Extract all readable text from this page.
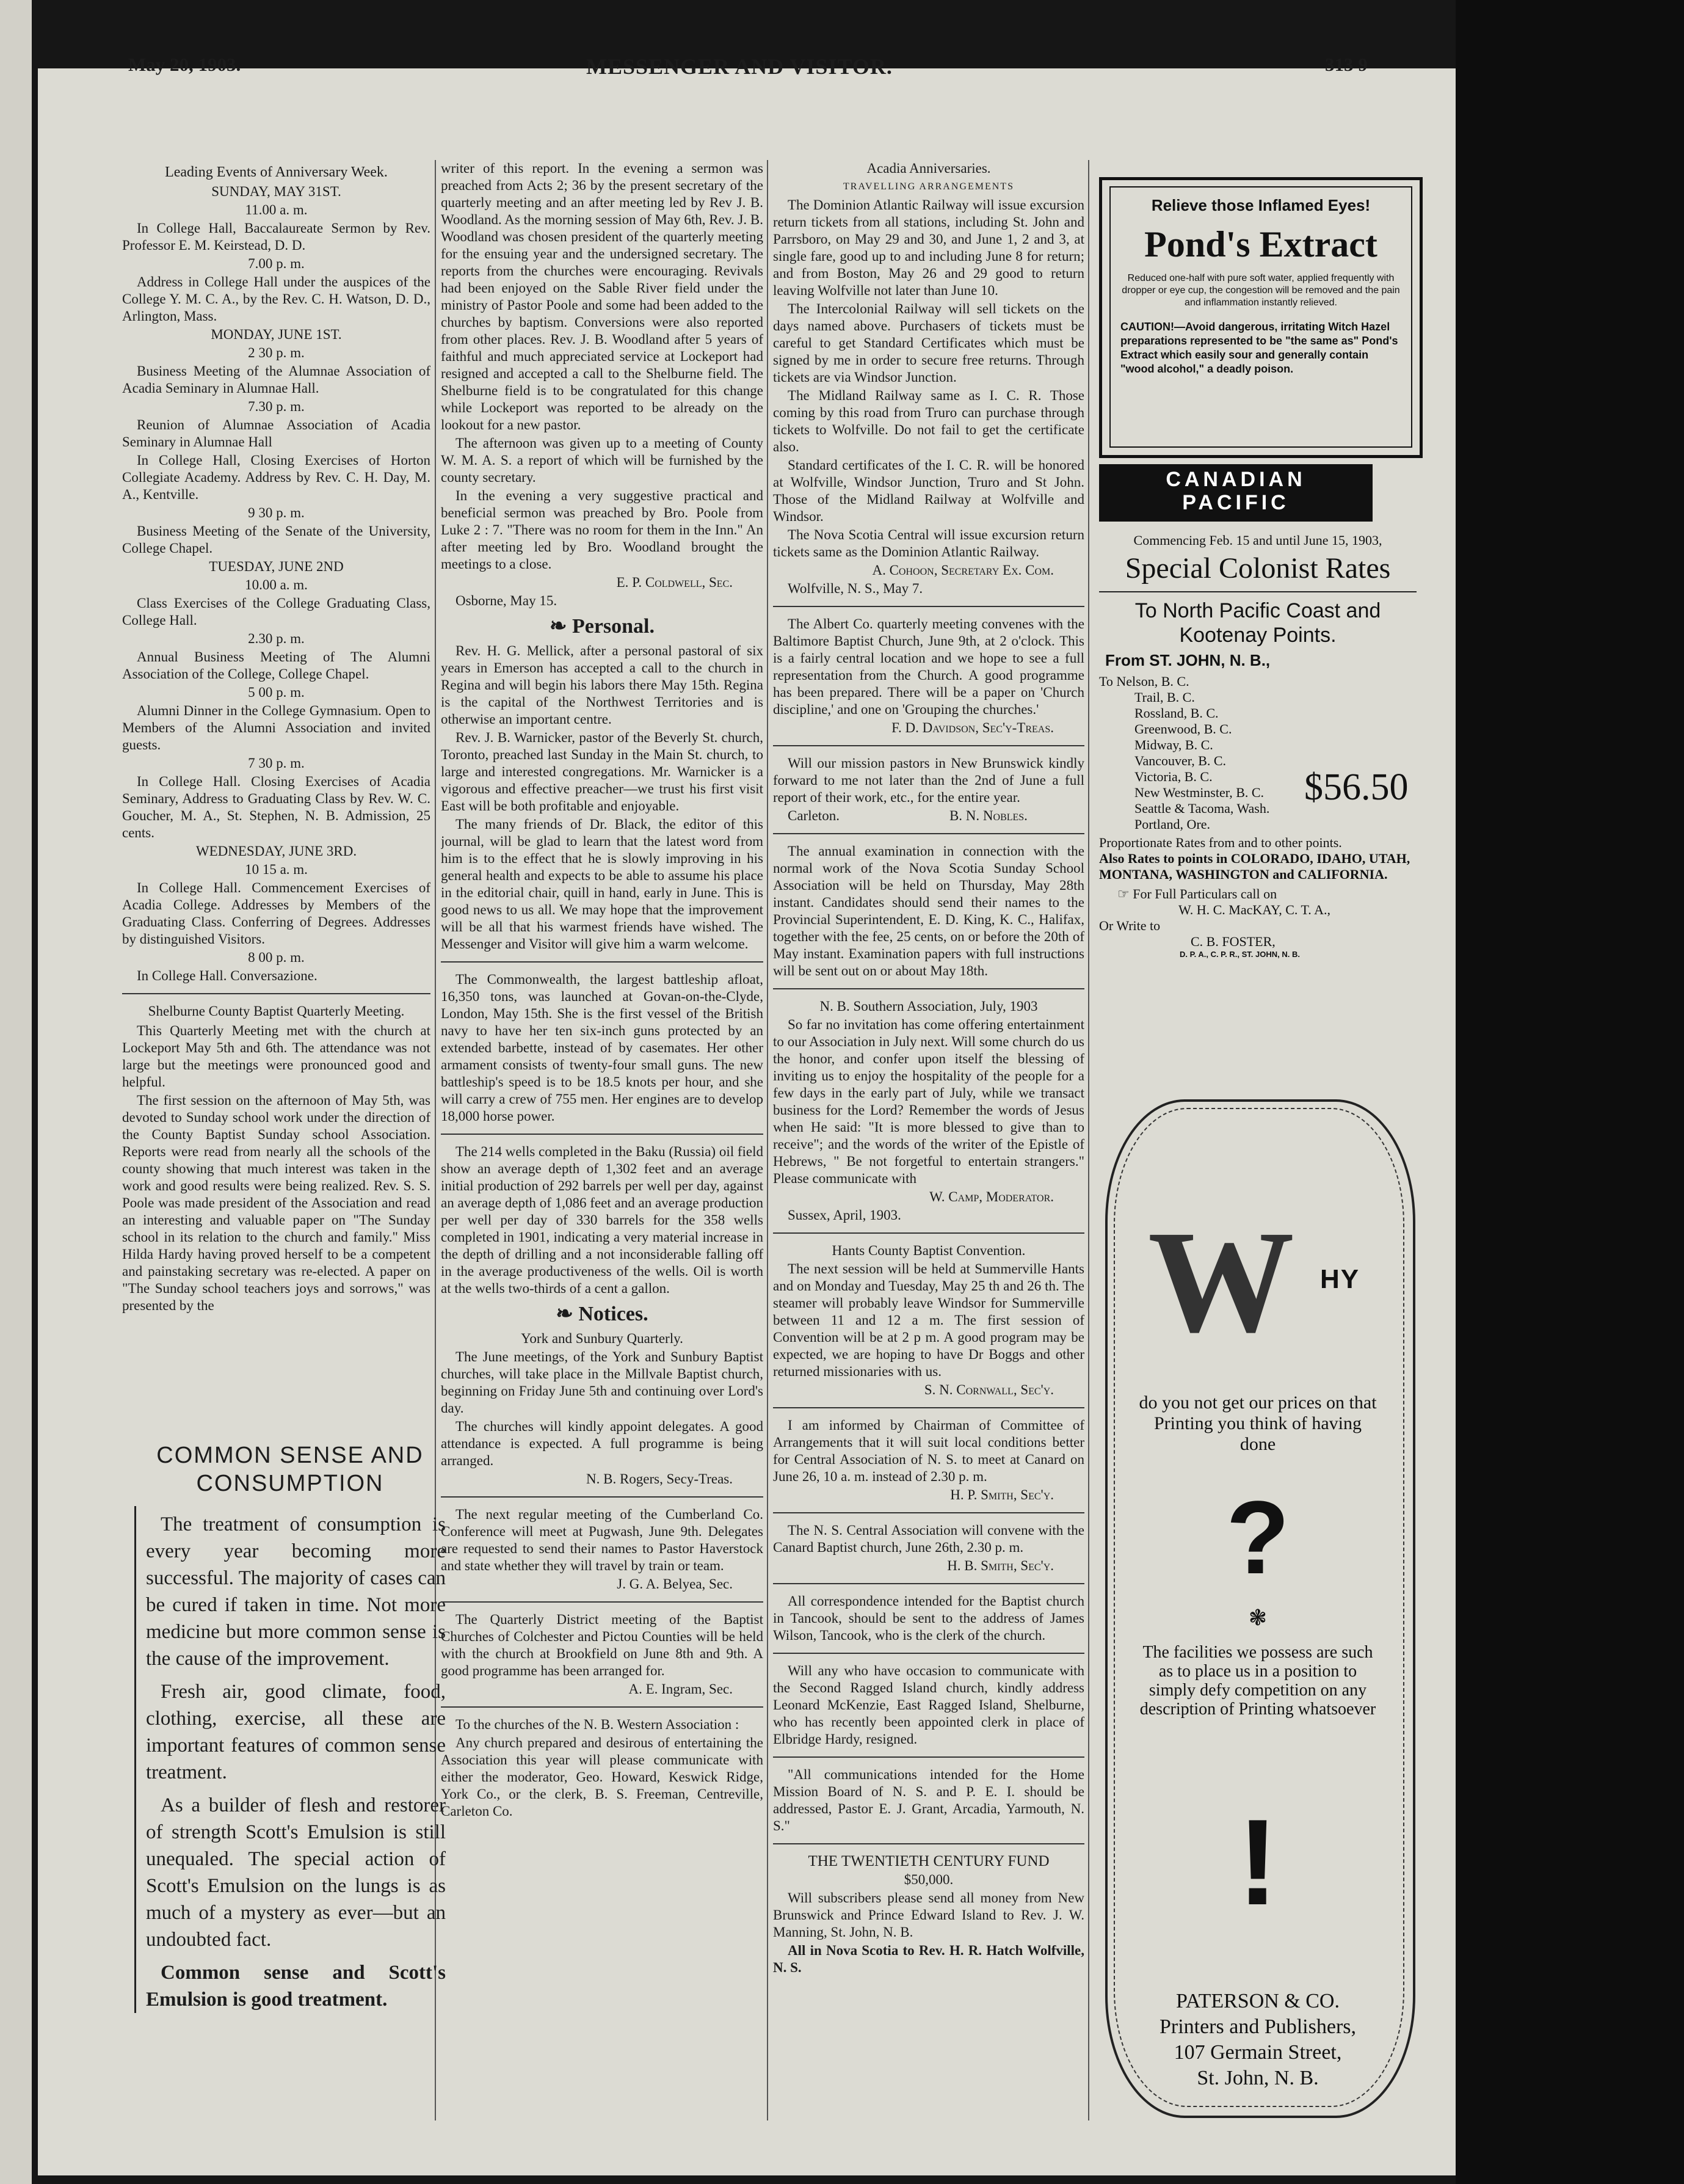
May 20, 1903.	MESSENGER AND VISITOR.	313 9

Leading Events of Anniversary Week.

SUNDAY, MAY 31ST.

11.00 a. m.

In College Hall, Baccalaureate Sermon by Rev. Professor E. M. Keirstead, D. D.

7.00 p. m.

Address in College Hall under the auspices of the College Y. M. C. A., by the Rev. C. H. Watson, D. D., Arlington, Mass.

MONDAY, JUNE 1ST.

2 30 p. m.

Business Meeting of the Alumnae Association of Acadia Seminary in Alumnae Hall.

7.30 p. m.

Reunion of Alumnae Association of Acadia Seminary in Alumnae Hall

In College Hall, Closing Exercises of Horton Collegiate Academy. Address by Rev. C. H. Day, M. A., Kentville.

9 30 p. m.

Business Meeting of the Senate of the University, College Chapel.

TUESDAY, JUNE 2ND

10.00 a. m.

Class Exercises of the College Graduating Class, College Hall.

2.30 p. m.

Annual Business Meeting of The Alumni Association of the College, College Chapel.

5 00 p. m.

Alumni Dinner in the College Gymnasium. Open to Members of the Alumni Association and invited guests.

7 30 p. m.

In College Hall. Closing Exercises of Acadia Seminary, Address to Graduating Class by Rev. W. C. Goucher, M. A., St. Stephen, N. B. Admission, 25 cents.

WEDNESDAY, JUNE 3RD.

10 15 a. m.

In College Hall. Commencement Exercises of Acadia College. Addresses by Members of the Graduating Class. Conferring of Degrees. Addresses by distinguished Visitors.

8 00 p. m.

In College Hall. Conversazione.

Shelburne County Baptist Quarterly Meeting.

This Quarterly Meeting met with the church at Lockeport May 5th and 6th. The attendance was not large but the meetings were pronounced good and helpful.

The first session on the afternoon of May 5th, was devoted to Sunday school work under the direction of the County Baptist Sunday school Association. Reports were read from nearly all the schools of the county showing that much interest was taken in the work and good results were being realized. Rev. S. S. Poole was made president of the Association and read an interesting and valuable paper on "The Sunday school in its relation to the church and family." Miss Hilda Hardy having proved herself to be a competent and painstaking secretary was re-elected. A paper on "The Sunday school teachers joys and sorrows," was presented by the

COMMON SENSE AND CONSUMPTION

The treatment of consumption is every year becoming more successful. The majority of cases can be cured if taken in time. Not more medicine but more common sense is the cause of the improvement.

Fresh air, good climate, food, clothing, exercise, all these are important features of common sense treatment.

As a builder of flesh and restorer of strength Scott's Emulsion is still unequaled. The special action of Scott's Emulsion on the lungs is as much of a mystery as ever—but an undoubted fact.

Common sense and Scott's Emulsion is good treatment.

writer of this report. In the evening a sermon was preached from Acts 2; 36 by the present secretary of the quarterly meeting and an after meeting led by Rev J. B. Woodland. As the morning session of May 6th, Rev. J. B. Woodland was chosen president of the quarterly meeting for the ensuing year and the undersigned secretary. The reports from the churches were encouraging. Revivals had been enjoyed on the Sable River field under the ministry of Pastor Poole and some had been added to the churches by baptism. Conversions were also reported from other places. Rev. J. B. Woodland after 5 years of faithful and much appreciated service at Lockeport had resigned and accepted a call to the Shelburne field. The Shelburne field is to be congratulated for this change while Lockeport was reported to be already on the lookout for a new pastor.

The afternoon was given up to a meeting of County W. M. A. S. a report of which will be furnished by the county secretary.

In the evening a very suggestive practical and beneficial sermon was preached by Bro. Poole from Luke 2 : 7. "There was no room for them in the Inn." An after meeting led by Bro. Woodland brought the meetings to a close.

E. P. Coldwell, Sec.

Osborne, May 15.

❧ Personal.

Rev. H. G. Mellick, after a personal pastoral of six years in Emerson has accepted a call to the church in Regina and will begin his labors there May 15th. Regina is the capital of the Northwest Territories and is otherwise an important centre.

Rev. J. B. Warnicker, pastor of the Beverly St. church, Toronto, preached last Sunday in the Main St. church, to large and interested congregations. Mr. Warnicker is a vigorous and effective preacher—we trust his first visit East will be both profitable and enjoyable.

The many friends of Dr. Black, the editor of this journal, will be glad to learn that the latest word from him is to the effect that he is slowly improving in his general health and expects to be able to assume his place in the editorial chair, quill in hand, early in June. This is good news to us all. We may hope that the improvement will be all that his warmest friends have wished. The Messenger and Visitor will give him a warm welcome.

The Commonwealth, the largest battleship afloat, 16,350 tons, was launched at Govan-on-the-Clyde, London, May 15th. She is the first vessel of the British navy to have her ten six-inch guns protected by an extended barbette, instead of by casemates. Her other armament consists of twenty-four small guns. The new battleship's speed is to be 18.5 knots per hour, and she will carry a crew of 755 men. Her engines are to develop 18,000 horse power.

The 214 wells completed in the Baku (Russia) oil field show an average depth of 1,302 feet and an average initial production of 292 barrels per well per day, against an average depth of 1,086 feet and an average production per well per day of 330 barrels for the 358 wells completed in 1901, indicating a very material increase in the depth of drilling and a not inconsiderable falling off in the average productiveness of the wells. Oil is worth at the wells two-thirds of a cent a gallon.

❧ Notices.

York and Sunbury Quarterly.

The June meetings, of the York and Sunbury Baptist churches, will take place in the Millvale Baptist church, beginning on Friday June 5th and continuing over Lord's day.

The churches will kindly appoint delegates. A good attendance is expected. A full programme is being arranged.

N. B. Rogers, Secy-Treas.

The next regular meeting of the Cumberland Co. Conference will meet at Pugwash, June 9th. Delegates are requested to send their names to Pastor Haverstock and state whether they will travel by train or team.

J. G. A. Belyea, Sec.

The Quarterly District meeting of the Baptist Churches of Colchester and Pictou Counties will be held with the church at Brookfield on June 8th and 9th. A good programme has been arranged for.

A. E. Ingram, Sec.

To the churches of the N. B. Western Association :

Any church prepared and desirous of entertaining the Association this year will please communicate with either the moderator, Geo. Howard, Keswick Ridge, York Co., or the clerk, B. S. Freeman, Centreville, Carleton Co.

Acadia Anniversaries.

TRAVELLING ARRANGEMENTS

The Dominion Atlantic Railway will issue excursion return tickets from all stations, including St. John and Parrsboro, on May 29 and 30, and June 1, 2 and 3, at single fare, good up to and including June 8 for return; and from Boston, May 26 and 29 good to return leaving Wolfville not later than June 10.

The Intercolonial Railway will sell tickets on the days named above. Purchasers of tickets must be careful to get Standard Certificates which must be signed by me in order to secure free returns. Through tickets are via Windsor Junction.

The Midland Railway same as I. C. R. Those coming by this road from Truro can purchase through tickets to Wolfville. Do not fail to get the certificate also.

Standard certificates of the I. C. R. will be honored at Wolfville, Windsor Junction, Truro and St John. Those of the Midland Railway at Wolfville and Windsor.

The Nova Scotia Central will issue excursion return tickets same as the Dominion Atlantic Railway.

A. Cohoon, Secretary Ex. Com.

Wolfville, N. S., May 7.

The Albert Co. quarterly meeting convenes with the Baltimore Baptist Church, June 9th, at 2 o'clock. This is a fairly central location and we hope to see a full representation from the Church. A good programme has been prepared. There will be a paper on 'Church discipline,' and one on 'Grouping the churches.'

F. D. Davidson, Sec'y-Treas.

Will our mission pastors in New Brunswick kindly forward to me not later than the 2nd of June a full report of their work, etc., for the entire year.

Carleton.	B. N. Nobles.

The annual examination in connection with the normal work of the Nova Scotia Sunday School Association will be held on Thursday, May 28th instant. Candidates should send their names to the Provincial Superintendent, E. D. King, K. C., Halifax, together with the fee, 25 cents, on or before the 20th of May instant. Examination papers with full instructions will be sent out on or about May 18th.

N. B. Southern Association, July, 1903

So far no invitation has come offering entertainment to our Association in July next. Will some church do us the honor, and confer upon itself the blessing of inviting us to enjoy the hospitality of the people for a few days in the early part of July, while we transact business for the Lord? Remember the words of Jesus when He said: "It is more blessed to give than to receive"; and the words of the writer of the Epistle of Hebrews, " Be not forgetful to entertain strangers." Please communicate with

W. Camp, Moderator.

Sussex, April, 1903.

Hants County Baptist Convention.

The next session will be held at Summerville Hants and on Monday and Tuesday, May 25 th and 26 th. The steamer will probably leave Windsor for Summerville between 11 and 12 a m. The first session of Convention will be at 2 p m. A good program may be expected, we are hoping to have Dr Boggs and other returned missionaries with us.

S. N. Cornwall, Sec'y.

I am informed by Chairman of Committee of Arrangements that it will suit local conditions better for Central Association of N. S. to meet at Canard on June 26, 10 a. m. instead of 2.30 p. m.

H. P. Smith, Sec'y.

The N. S. Central Association will convene with the Canard Baptist church, June 26th, 2.30 p. m.

H. B. Smith, Sec'y.

All correspondence intended for the Baptist church in Tancook, should be sent to the address of James Wilson, Tancook, who is the clerk of the church.

Will any who have occasion to communicate with the Second Ragged Island church, kindly address Leonard McKenzie, East Ragged Island, Shelburne, who has recently been appointed clerk in place of Elbridge Hardy, resigned.

"All communications intended for the Home Mission Board of N. S. and P. E. I. should be addressed, Pastor E. J. Grant, Arcadia, Yarmouth, N. S."

THE TWENTIETH CENTURY FUND

$50,000.

Will subscribers please send all money from New Brunswick and Prince Edward Island to Rev. J. W. Manning, St. John, N. B.

All in Nova Scotia to Rev. H. R. Hatch Wolfville, N. S.

Relieve those Inflamed Eyes!
Pond's Extract
Reduced one-half with pure soft water, applied frequently with dropper or eye cup, the congestion will be removed and the pain and inflammation instantly relieved.
CAUTION!—Avoid dangerous, irritating Witch Hazel preparations represented to be "the same as" Pond's Extract which easily sour and generally contain "wood alcohol," a deadly poison.
CANADIAN
PACIFIC
Commencing Feb. 15 and until June 15, 1903,
Special Colonist Rates
To North Pacific Coast and Kootenay Points.
From ST. JOHN, N. B.,
To Nelson, B. C.
Trail, B. C.
Rossland, B. C.
Greenwood, B. C.
Midway, B. C.
Vancouver, B. C.
Victoria, B. C.
New Westminster, B. C.
Seattle & Tacoma, Wash.
Portland, Ore.
$56.50
Proportionate Rates from and to other points.
Also Rates to points in COLORADO, IDAHO, UTAH, MONTANA, WASHINGTON and CALIFORNIA.
☞ For Full Particulars call on
W. H. C. MacKAY, C. T. A.,
Or Write to
C. B. FOSTER,
D. P. A., C. P. R., ST. JOHN, N. B.
W HY
do you not get our prices on that Printing you think of having done
?
❃
The facilities we possess are such as to place us in a position to simply defy competition on any description of Printing whatsoever
!
PATERSON & CO.
Printers and Publishers,
107 Germain Street,
St. John, N. B.
